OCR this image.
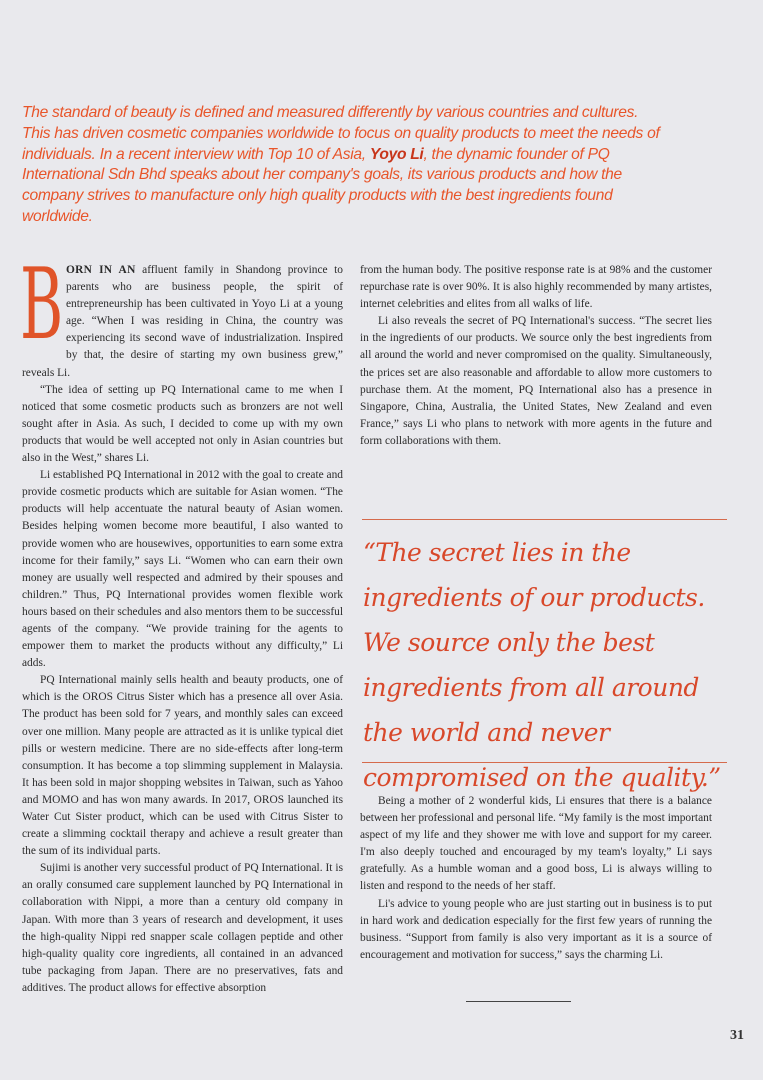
The standard of beauty is defined and measured differently by various countries and cultures. This has driven cosmetic companies worldwide to focus on quality products to meet the needs of individuals. In a recent interview with Top 10 of Asia, Yoyo Li, the dynamic founder of PQ International Sdn Bhd speaks about her company's goals, its various products and how the company strives to manufacture only high quality products with the best ingredients found worldwide.

BORN IN AN affluent family in Shandong province to parents who are business people, the spirit of entrepreneurship has been cultivated in Yoyo Li at a young age. “When I was residing in China, the country was experiencing its second wave of industrialization. Inspired by that, the desire of starting my own business grew,” reveals Li.

“The idea of setting up PQ International came to me when I noticed that some cosmetic products such as bronzers are not well sought after in Asia. As such, I decided to come up with my own products that would be well accepted not only in Asian countries but also in the West,” shares Li.

Li established PQ International in 2012 with the goal to create and provide cosmetic products which are suitable for Asian women. “The products will help accentuate the natural beauty of Asian women. Besides helping women become more beautiful, I also wanted to provide women who are housewives, opportunities to earn some extra income for their family,” says Li. “Women who can earn their own money are usually well respected and admired by their spouses and children.” Thus, PQ International provides women flexible work hours based on their schedules and also mentors them to be successful agents of the company. “We provide training for the agents to empower them to market the products without any difficulty,” Li adds.

PQ International mainly sells health and beauty products, one of which is the OROS Citrus Sister which has a presence all over Asia. The product has been sold for 7 years, and monthly sales can exceed over one million. Many people are attracted as it is unlike typical diet pills or western medicine. There are no side-effects after long-term consumption. It has become a top slimming supplement in Malaysia. It has been sold in major shopping websites in Taiwan, such as Yahoo and MOMO and has won many awards. In 2017, OROS launched its Water Cut Sister product, which can be used with Citrus Sister to create a slimming cocktail therapy and achieve a result greater than the sum of its individual parts.

Sujimi is another very successful product of PQ International. It is an orally consumed care supplement launched by PQ International in collaboration with Nippi, a more than a century old company in Japan. With more than 3 years of research and development, it uses the high-quality Nippi red snapper scale collagen peptide and other high-quality quality core ingredients, all contained in an advanced tube packaging from Japan. There are no preservatives, fats and additives. The product allows for effective absorption

from the human body. The positive response rate is at 98% and the customer repurchase rate is over 90%. It is also highly recommended by many artistes, internet celebrities and elites from all walks of life.

Li also reveals the secret of PQ International's success. “The secret lies in the ingredients of our products. We source only the best ingredients from all around the world and never compromised on the quality. Simultaneously, the prices set are also reasonable and affordable to allow more customers to purchase them. At the moment, PQ International also has a presence in Singapore, China, Australia, the United States, New Zealand and even France,” says Li who plans to network with more agents in the future and form collaborations with them.

“The secret lies in the ingredients of our products. We source only the best ingredients from all around the world and never compromised on the quality.”

Being a mother of 2 wonderful kids, Li ensures that there is a balance between her professional and personal life. “My family is the most important aspect of my life and they shower me with love and support for my career. I'm also deeply touched and encouraged by my team's loyalty,” Li says gratefully. As a humble woman and a good boss, Li is always willing to listen and respond to the needs of her staff.

Li's advice to young people who are just starting out in business is to put in hard work and dedication especially for the first few years of running the business. “Support from family is also very important as it is a source of encouragement and motivation for success,” says the charming Li.

31
